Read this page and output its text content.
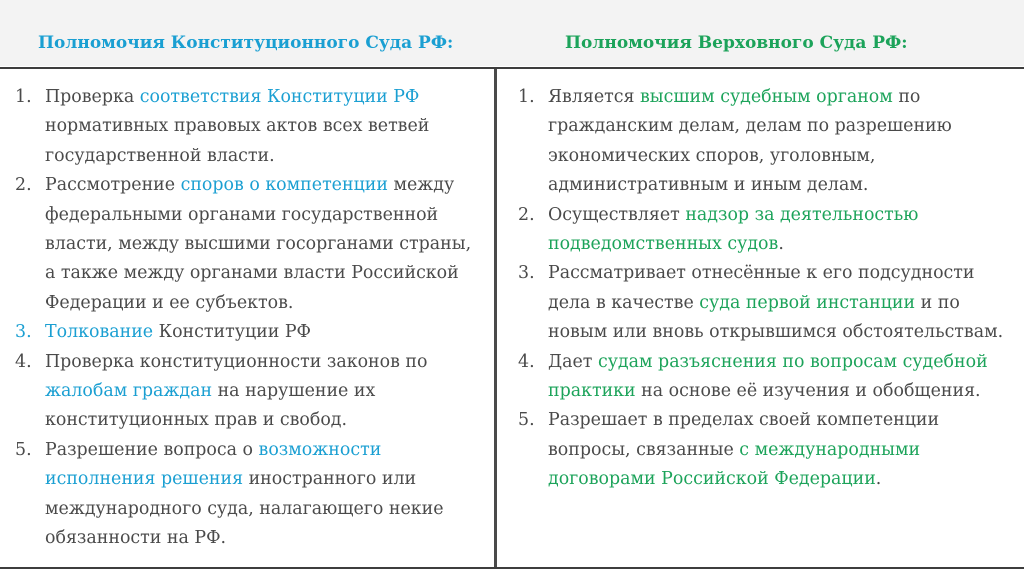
Полномочия Конституционного Суда РФ:	Полномочия Верховного Суда РФ:
1. Проверка соответствия Конституции РФ нормативных правовых актов всех ветвей государственной власти.
2. Рассмотрение споров о компетенции между федеральными органами государственной власти, между высшими госорганами страны, а также между органами власти Российской Федерации и ее субъектов.
3. Толкование Конституции РФ
4. Проверка конституционности законов по жалобам граждан на нарушение их конституционных прав и свобод.
5. Разрешение вопроса о возможности исполнения решения иностранного или международного суда, налагающего некие обязанности на РФ.
1. Является высшим судебным органом по гражданским делам, делам по разрешению экономических споров, уголовным, административным и иным делам.
2. Осуществляет надзор за деятельностью подведомственных судов.
3. Рассматривает отнесённые к его подсудности дела в качестве суда первой инстанции и по новым или вновь открывшимся обстоятельствам.
4. Дает судам разъяснения по вопросам судебной практики на основе её изучения и обобщения.
5. Разрешает в пределах своей компетенции вопросы, связанные с международными договорами Российской Федерации.
